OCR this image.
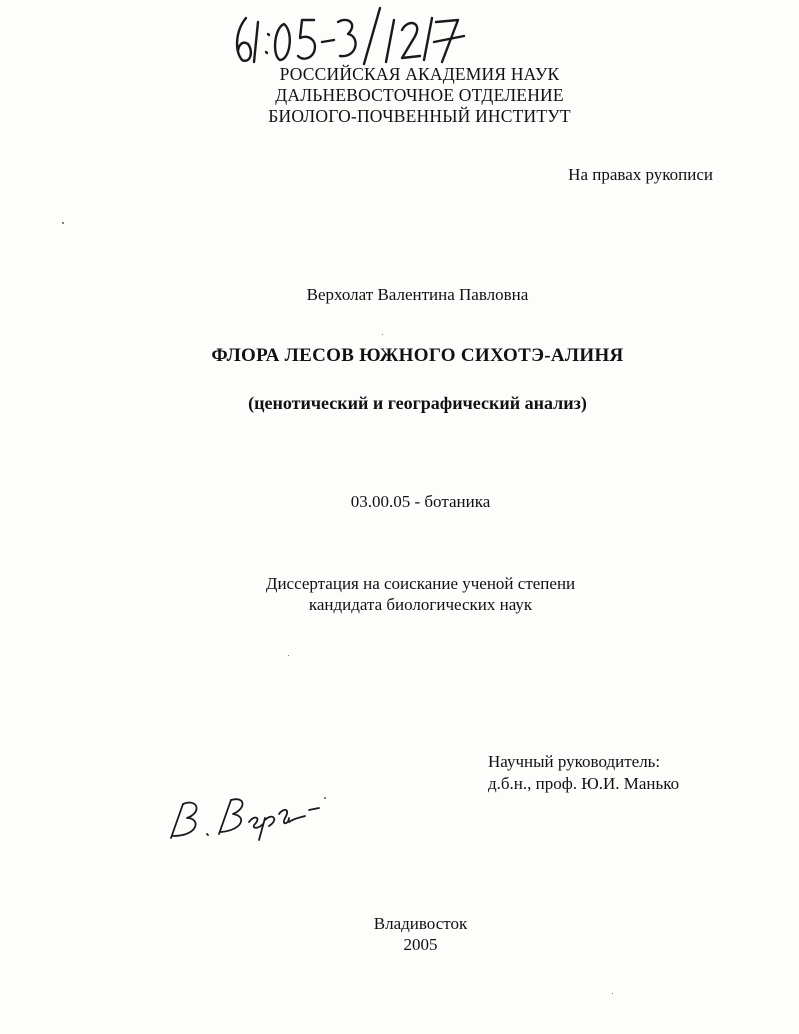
РОССИЙСКАЯ АКАДЕМИЯ НАУК
ДАЛЬНЕВОСТОЧНОЕ ОТДЕЛЕНИЕ
БИОЛОГО-ПОЧВЕННЫЙ ИНСТИТУТ
На правах рукописи
Верхолат Валентина Павловна
ФЛОРА ЛЕСОВ ЮЖНОГО СИХОТЭ-АЛИНЯ
(ценотический и географический анализ)
03.00.05 - ботаника
Диссертация на соискание ученой степени
кандидата биологических наук
Научный руководитель:
д.б.н., проф. Ю.И. Манько
Владивосток
2005
